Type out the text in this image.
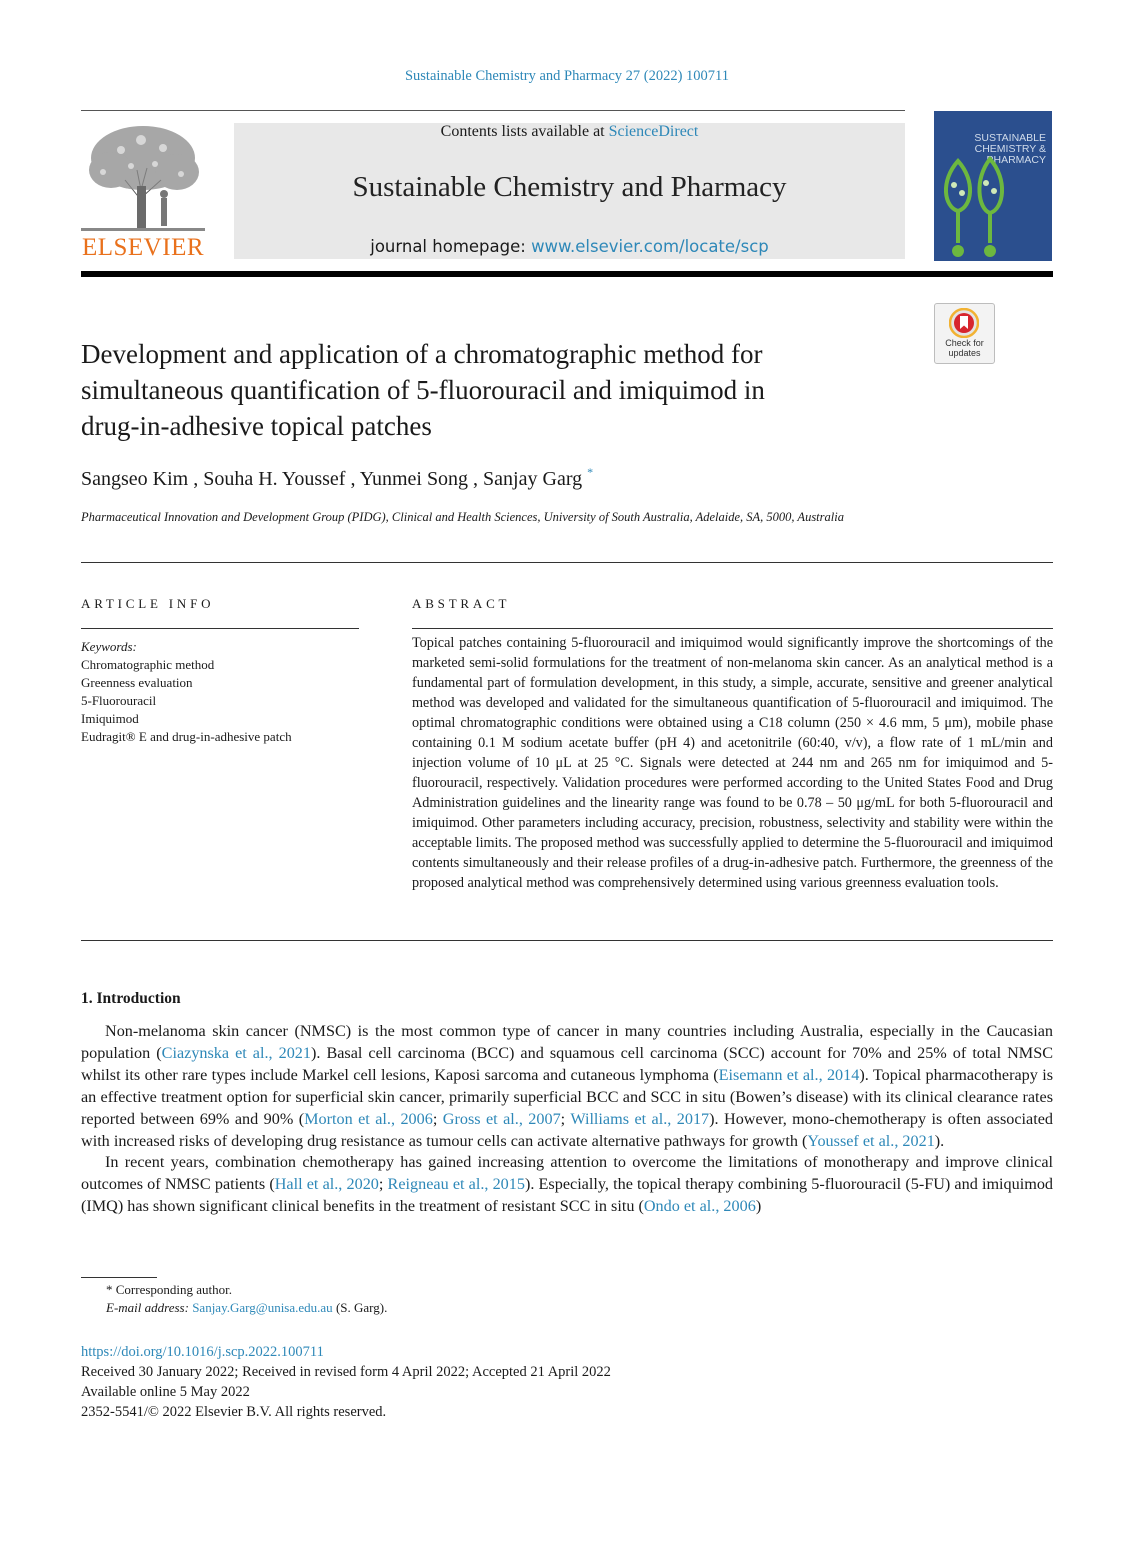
Sustainable Chemistry and Pharmacy 27 (2022) 100711
ELSEVIER
Contents lists available at ScienceDirect
Sustainable Chemistry and Pharmacy
journal homepage: www.elsevier.com/locate/scp
SUSTAINABLE
CHEMISTRY &
PHARMACY
Check for
updates
Development and application of a chromatographic method for
simultaneous quantification of 5-fluorouracil and imiquimod in
drug-in-adhesive topical patches
Sangseo Kim , Souha H. Youssef , Yunmei Song , Sanjay Garg *
Pharmaceutical Innovation and Development Group (PIDG), Clinical and Health Sciences, University of South Australia, Adelaide, SA, 5000, Australia
ARTICLE INFO	ABSTRACT
Keywords:
Chromatographic method
Greenness evaluation
5-Fluorouracil
Imiquimod
Eudragit® E and drug-in-adhesive patch
Topical patches containing 5-fluorouracil and imiquimod would significantly improve the shortcomings of the marketed semi-solid formulations for the treatment of non-melanoma skin cancer. As an analytical method is a fundamental part of formulation development, in this study, a simple, accurate, sensitive and greener analytical method was developed and validated for the simultaneous quantification of 5-fluorouracil and imiquimod. The optimal chromatographic conditions were obtained using a C18 column (250 × 4.6 mm, 5 μm), mobile phase containing 0.1 M sodium acetate buffer (pH 4) and acetonitrile (60:40, v/v), a flow rate of 1 mL/min and injection volume of 10 μL at 25 °C. Signals were detected at 244 nm and 265 nm for imiquimod and 5-fluorouracil, respectively. Validation procedures were performed according to the United States Food and Drug Administration guidelines and the linearity range was found to be 0.78 – 50 μg/mL for both 5-fluorouracil and imiquimod. Other parameters including accuracy, precision, robustness, selectivity and stability were within the acceptable limits. The proposed method was successfully applied to determine the 5-fluorouracil and imiquimod contents simultaneously and their release profiles of a drug-in-adhesive patch. Furthermore, the greenness of the proposed analytical method was comprehensively determined using various greenness evaluation tools.
1. Introduction

Non-melanoma skin cancer (NMSC) is the most common type of cancer in many countries including Australia, especially in the Caucasian population (Ciazynska et al., 2021). Basal cell carcinoma (BCC) and squamous cell carcinoma (SCC) account for 70% and 25% of total NMSC whilst its other rare types include Markel cell lesions, Kaposi sarcoma and cutaneous lymphoma (Eisemann et al., 2014). Topical pharmacotherapy is an effective treatment option for superficial skin cancer, primarily superficial BCC and SCC in situ (Bowen’s disease) with its clinical clearance rates reported between 69% and 90% (Morton et al., 2006; Gross et al., 2007; Williams et al., 2017). However, mono-chemotherapy is often associated with increased risks of developing drug resistance as tumour cells can activate alternative pathways for growth (Youssef et al., 2021).

In recent years, combination chemotherapy has gained increasing attention to overcome the limitations of monotherapy and improve clinical outcomes of NMSC patients (Hall et al., 2020; Reigneau et al., 2015). Especially, the topical therapy combining 5-fluorouracil (5-FU) and imiquimod (IMQ) has shown significant clinical benefits in the treatment of resistant SCC in situ (Ondo et al., 2006)

* Corresponding author.
E-mail address: Sanjay.Garg@unisa.edu.au (S. Garg).
https://doi.org/10.1016/j.scp.2022.100711
Received 30 January 2022; Received in revised form 4 April 2022; Accepted 21 April 2022
Available online 5 May 2022
2352-5541/© 2022 Elsevier B.V. All rights reserved.
